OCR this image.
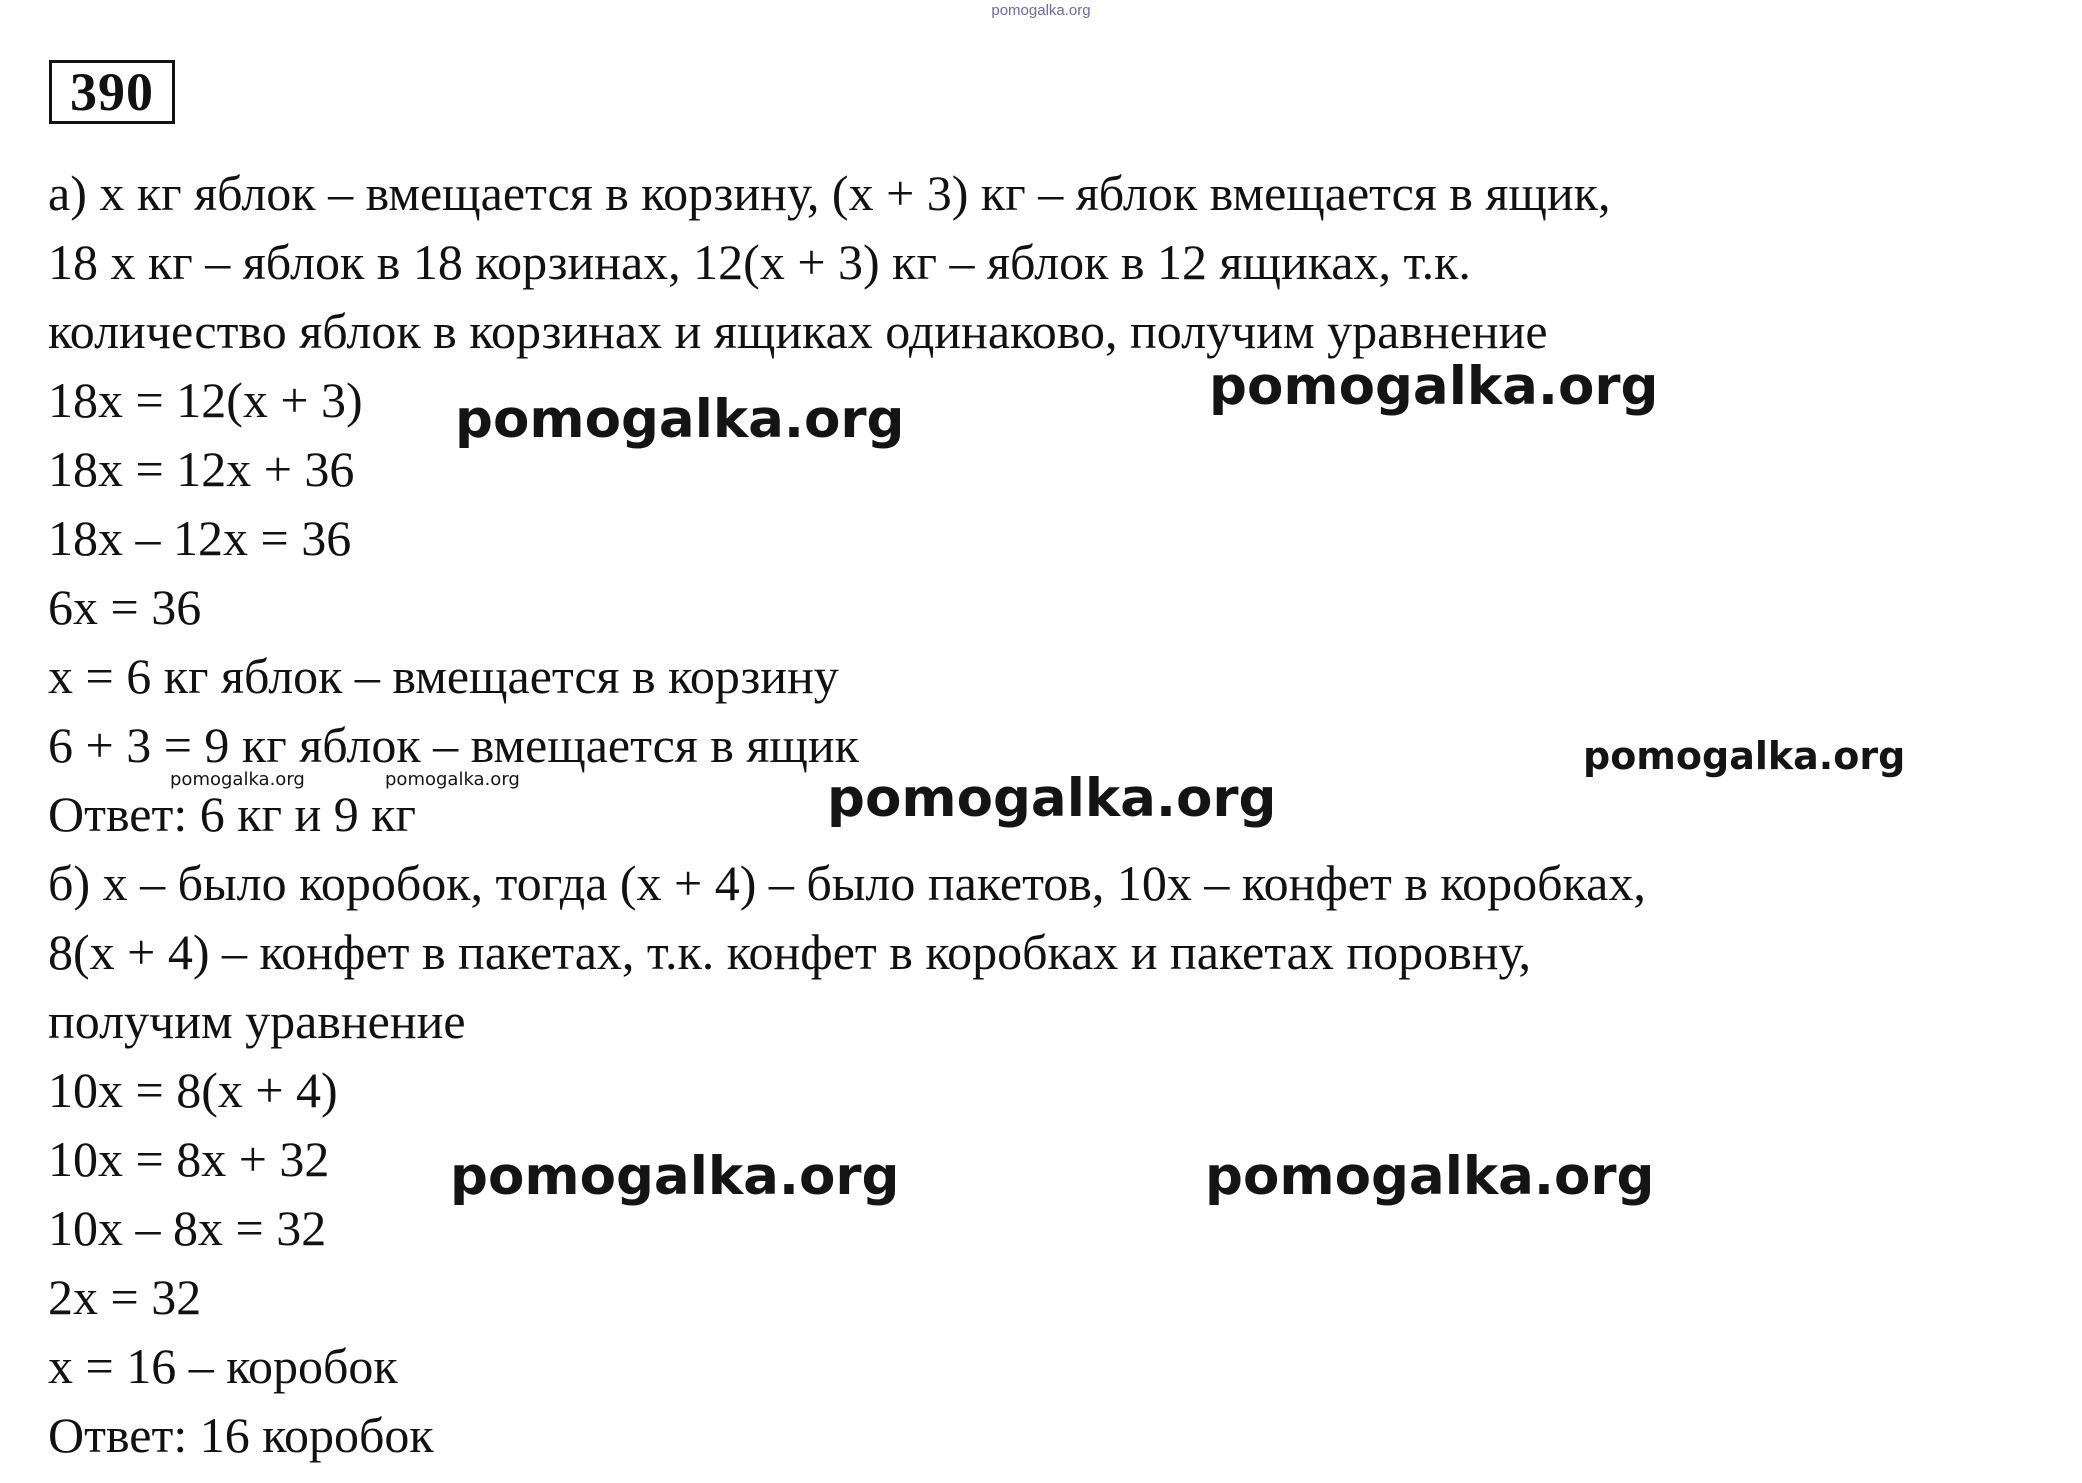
pomogalka.org
390
а) х кг яблок – вмещается в корзину, (х + 3) кг – яблок вмещается в ящик,
18 х кг – яблок в 18 корзинах, 12(х + 3) кг – яблок в 12 ящиках, т.к.
количество яблок в корзинах и ящиках одинаково, получим уравнение
18х = 12(х + 3)
18х = 12х + 36
18х – 12х = 36
6х = 36
х = 6 кг яблок – вмещается в корзину
6 + 3 = 9 кг яблок – вмещается в ящик
Ответ: 6 кг и 9 кг
б) х – было коробок, тогда (х + 4) – было пакетов, 10х – конфет в коробках,
8(х + 4) – конфет в пакетах, т.к. конфет в коробках и пакетах поровну,
получим уравнение
10х = 8(х + 4)
10х = 8х + 32
10х – 8х = 32
2х = 32
х = 16 – коробок
Ответ: 16 коробок
pomogalka.org
pomogalka.org
pomogalka.org
pomogalka.org	pomogalka.org	pomogalka.org
pomogalka.org	pomogalka.org
